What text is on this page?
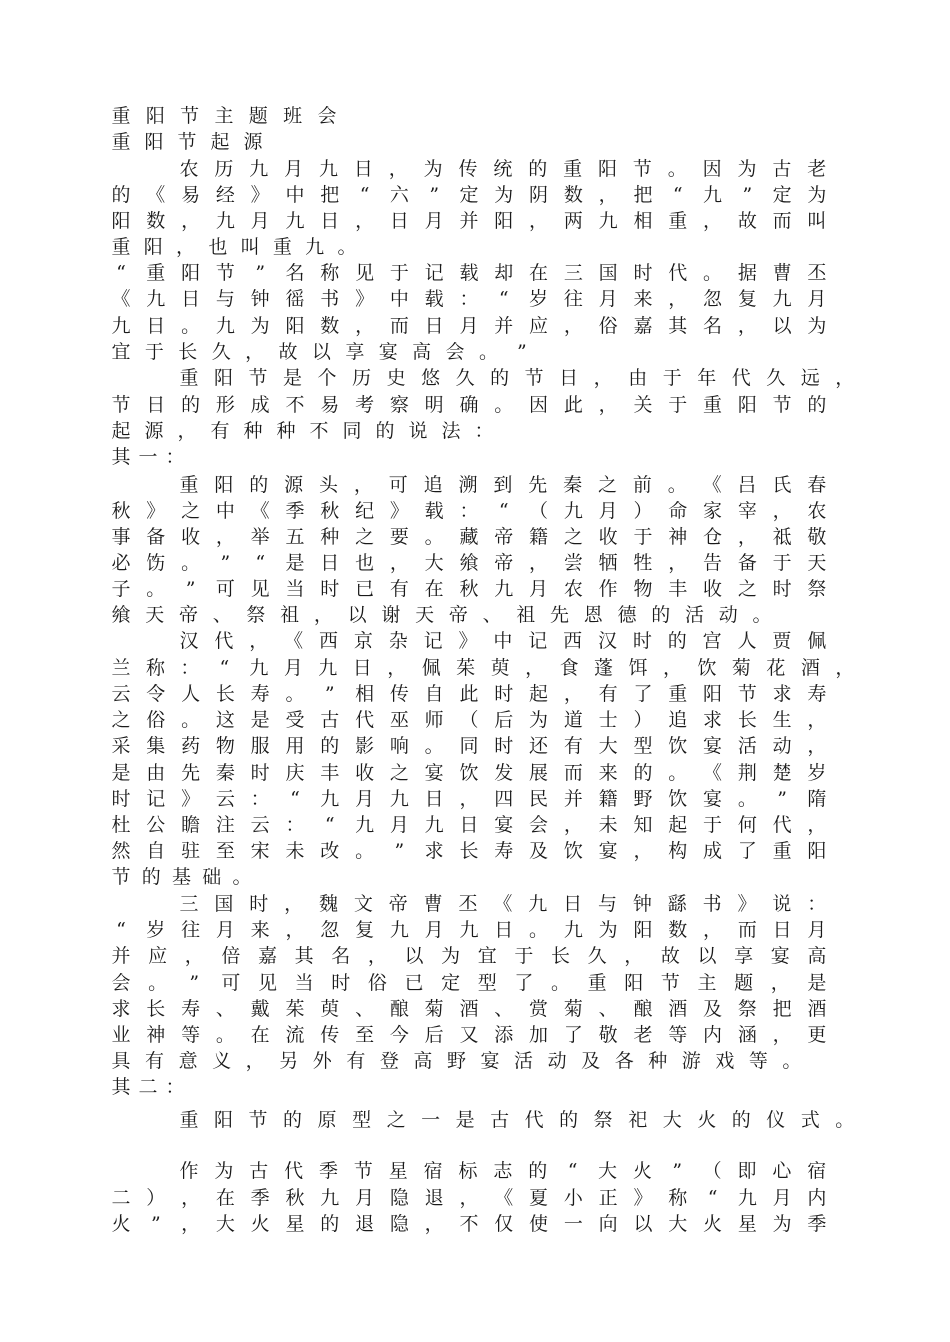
重 阳 节 主 题 班 会
重 阳 节 起 源
农 历 九 月 九 日 ， 为 传 统 的 重 阳 节 。 因 为 古 老
的 《 易 经 》 中 把	“	六	”	定 为 阴 数 ， 把	“	九	”	定 为
阳 数 ， 九 月 九 日 ， 日 月 并 阳 ， 两 九 相 重 ， 故 而 叫
重 阳 ， 也 叫 重 九 。
“	重 阳 节	”	名 称 见 于 记 载 却 在 三 国 时 代 。 据 曹 丕
《 九 日 与 钟 徭 书 》 中 载 ：	“	岁 往 月 来 ， 忽 复 九 月
九 日 。 九 为 阳 数 ， 而 日 月 并 应 ， 俗 嘉 其 名 ， 以 为
宜 于 长 久 ， 故 以 享 宴 高 会 。	”
重 阳 节 是 个 历 史 悠 久 的 节 日 ， 由 于 年 代 久 远 ，
节 日 的 形 成 不 易 考 察 明 确 。 因 此 ， 关 于 重 阳 节 的
起 源 ， 有 种 种 不 同 的 说 法 ：
其 一 ：
重 阳 的 源 头 ， 可 追 溯 到 先 秦 之 前 。 《 吕 氏 春
秋 》 之 中 《 季 秋 纪 》 载 ：	“	（ 九 月 ） 命 家 宰 ， 农
事 备 收 ， 举 五 种 之 要 。 藏 帝 籍 之 收 于 神 仓 ， 祗 敬
必 饬 。	”	“	是 日 也 ， 大 飨 帝 ， 尝 牺 牲 ， 告 备 于 天
子 。	”	可 见 当 时 已 有 在 秋 九 月 农 作 物 丰 收 之 时 祭
飨 天 帝 、 祭 祖 ， 以 谢 天 帝 、 祖 先 恩 德 的 活 动 。
汉 代 ， 《 西 京 杂 记 》 中 记 西 汉 时 的 宫 人 贾 佩
兰 称 ：	“	九 月 九 日 ， 佩 茱 萸 ， 食 蓬 饵 ， 饮 菊 花 酒 ，
云 令 人 长 寿 。	”	相 传 自 此 时 起 ， 有 了 重 阳 节 求 寿
之 俗 。 这 是 受 古 代 巫 师 （ 后 为 道 士 ） 追 求 长 生 ，
采 集 药 物 服 用 的 影 响 。 同 时 还 有 大 型 饮 宴 活 动 ，
是 由 先 秦 时 庆 丰 收 之 宴 饮 发 展 而 来 的 。 《 荆 楚 岁
时 记 》 云 ：	“	九 月 九 日 ， 四 民 并 籍 野 饮 宴 。	”	隋
杜 公 瞻 注 云 ：	“	九 月 九 日 宴 会 ， 未 知 起 于 何 代 ，
然 自 驻 至 宋 未 改 。	”	求 长 寿 及 饮 宴 ， 构 成 了 重 阳
节 的 基 础 。
三 国 时 ， 魏 文 帝 曹 丕 《 九 日 与 钟 繇 书 》 说 ：
“	岁 往 月 来 ， 忽 复 九 月 九 日 。 九 为 阳 数 ， 而 日 月
并 应 ， 倍 嘉 其 名 ， 以 为 宜 于 长 久 ， 故 以 享 宴 高
会 。	”	可 见 当 时 俗 已 定 型 了 。 重 阳 节 主 题 ， 是
求 长 寿 、 戴 茱 萸 、 酿 菊 酒 、 赏 菊 、 酿 酒 及 祭 把 酒
业 神 等 。 在 流 传 至 今 后 又 添 加 了 敬 老 等 内 涵 ， 更
具 有 意 义 ， 另 外 有 登 高 野 宴 活 动 及 各 种 游 戏 等 。
其 二 ：
重 阳 节 的 原 型 之 一 是 古 代 的 祭 祀 大 火 的 仪 式 。
作 为 古 代 季 节 星 宿 标 志 的	“	大 火	”	（ 即 心 宿
二 ） ， 在 季 秋 九 月 隐 退 ， 《 夏 小 正 》 称	“	九 月 内
火	”	， 大 火 星 的 退 隐 ， 不 仅 使 一 向 以 大 火 星 为 季
